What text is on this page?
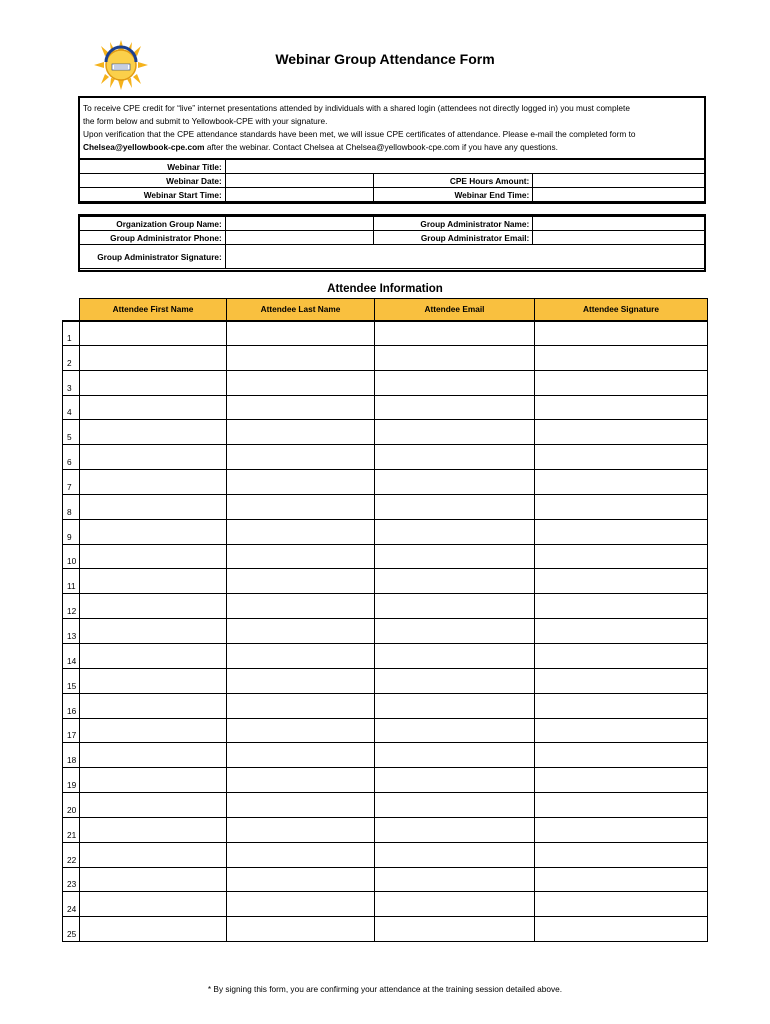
Webinar Group Attendance Form
To receive CPE credit for “live” internet presentations attended by individuals with a shared login (attendees not directly logged in) you must complete
the form below and submit to Yellowbook-CPE with your signature.
Upon verification that the CPE attendance standards have been met, we will issue CPE certificates of attendance. Please e-mail the completed form to
Chelsea@yellowbook-cpe.com after the webinar. Contact Chelsea at Chelsea@yellowbook-cpe.com if you have any questions.
Webinar Title:			
Webinar Date:		CPE Hours Amount:	
Webinar Start Time:		Webinar End Time:	
Organization Group Name:		Group Administrator Name:	
Group Administrator Phone:		Group Administrator Email:	
Group Administrator Signature:			
Attendee Information
	Attendee First Name	Attendee Last Name	Attendee Email	Attendee Signature
1				
2				
3				
4				
5				
6				
7				
8				
9				
10				
11				
12				
13				
14				
15				
16				
17				
18				
19				
20				
21				
22				
23				
24				
25				
* By signing this form, you are confirming your attendance at the training session detailed above.
